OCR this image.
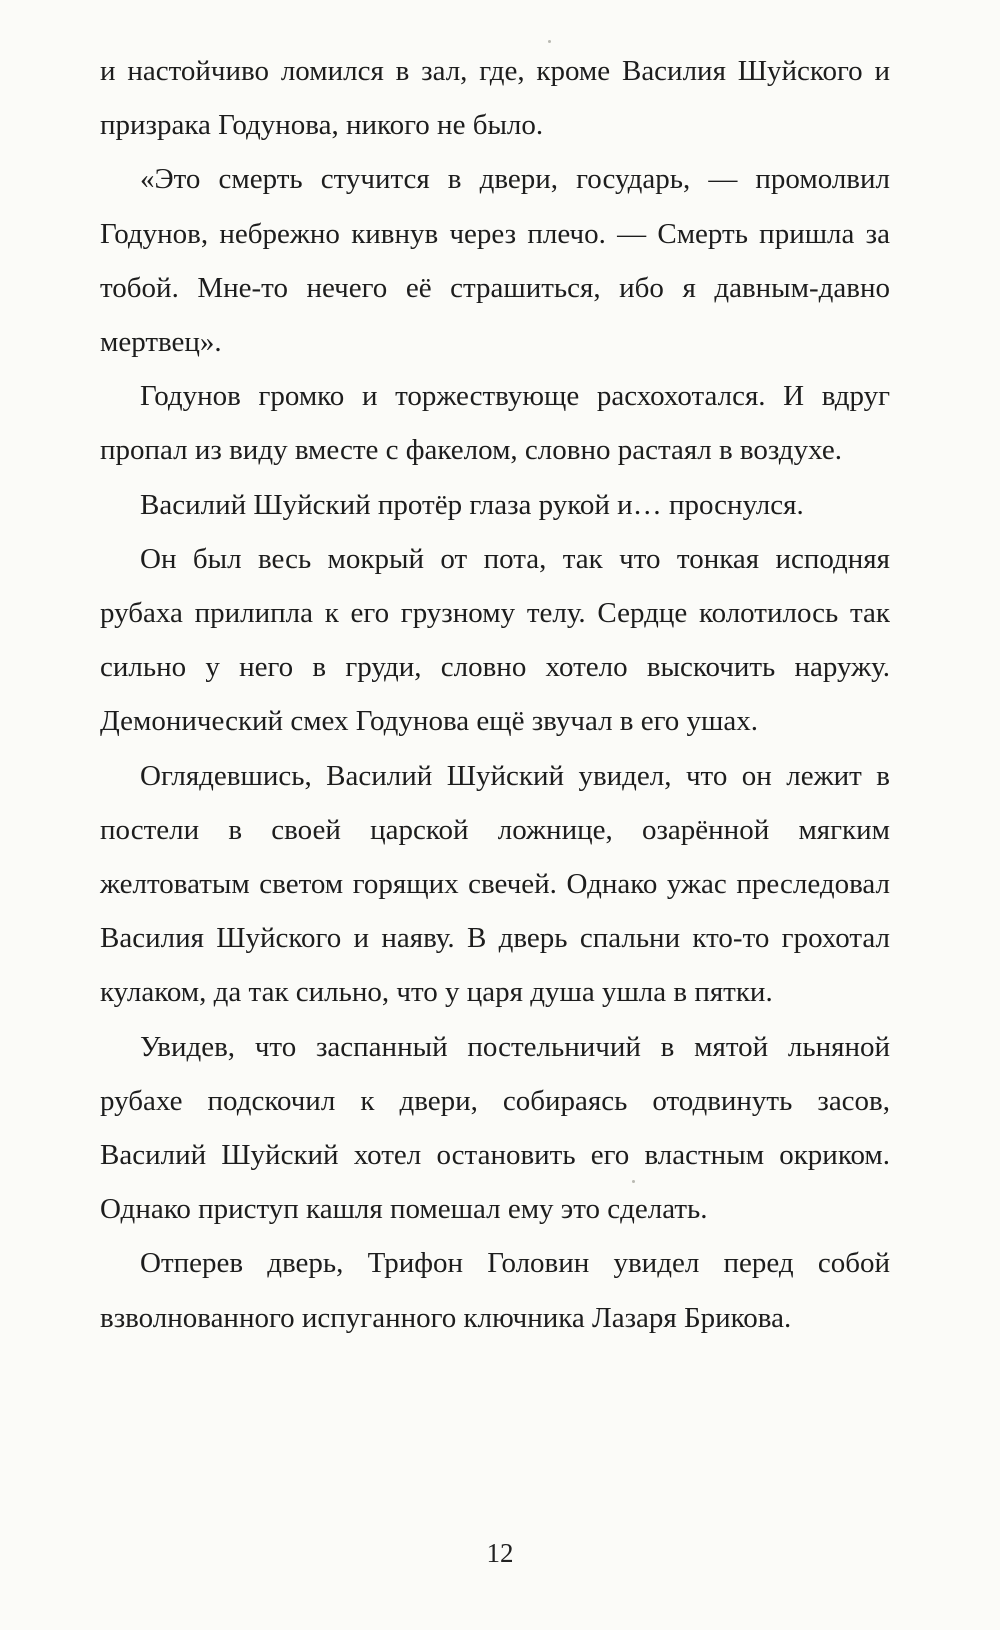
и настойчиво ломился в зал, где, кроме Василия Шуйского и призрака Годунова, никого не было.

«Это смерть стучится в двери, государь, — промолвил Годунов, небрежно кивнув через плечо. — Смерть пришла за тобой. Мне-то нечего её страшиться, ибо я давным-давно мертвец».

Годунов громко и торжествующе расхохотался. И вдруг пропал из виду вместе с факелом, словно растаял в воздухе.

Василий Шуйский протёр глаза рукой и… проснулся.

Он был весь мокрый от пота, так что тонкая исподняя рубаха прилипла к его грузному телу. Сердце колотилось так сильно у него в груди, словно хотело выскочить наружу. Демонический смех Годунова ещё звучал в его ушах.

Оглядевшись, Василий Шуйский увидел, что он лежит в постели в своей царской ложнице, озарённой мягким желтоватым светом горящих свечей. Однако ужас преследовал Василия Шуйского и наяву. В дверь спальни кто-то грохотал кулаком, да так сильно, что у царя душа ушла в пятки.

Увидев, что заспанный постельничий в мятой льняной рубахе подскочил к двери, собираясь отодвинуть засов, Василий Шуйский хотел остановить его властным окриком. Однако приступ кашля помешал ему это сделать.

Отперев дверь, Трифон Головин увидел перед собой взволнованного испуганного ключника Лазаря Брикова.

12
